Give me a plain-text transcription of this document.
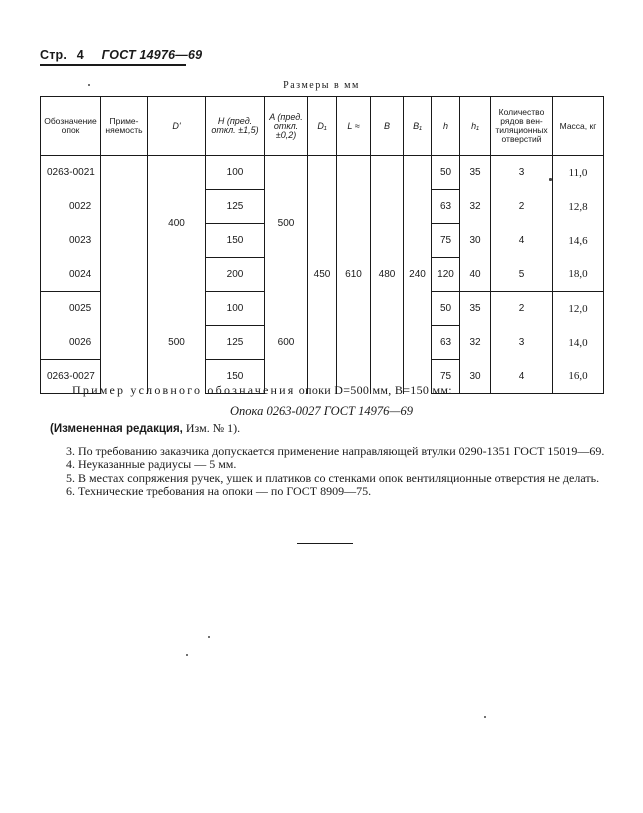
Стр. 4 ГОСТ 14976—69
Размеры в мм
Обозначение опок	Приме-няемость	D'	H (пред. откл. ±1,5)	A (пред. откл. ±0,2)	D₁	L ≈	B	B₁	h	h₁	Количество рядов вен-тиляционных отверстий	Масса, кг
0263-0021		400	100	500	450	610	480	240	50	35	3	11,0
0022			125						63	32	2	12,8
0023			150						75	30	4	14,6
0024			200						120	40	5	18,0
0025		500	100	600					50	35	2	12,0
0026			125						63	32	3	14,0
0263-0027			150						75	30	4	16,0
Пример условного обозначения опоки D=500 мм, B=150 мм:
Опока 0263-0027 ГОСТ 14976—69

(Измененная редакция, Изм. № 1).

3. По требованию заказчика допускается применение направляющей втулки 0290-1351 ГОСТ 15019—69.

4. Неуказанные радиусы — 5 мм.

5. В местах сопряжения ручек, ушек и платиков со стенками опок вентиляционные отверстия не делать.

6. Технические требования на опоки — по ГОСТ 8909—75.
